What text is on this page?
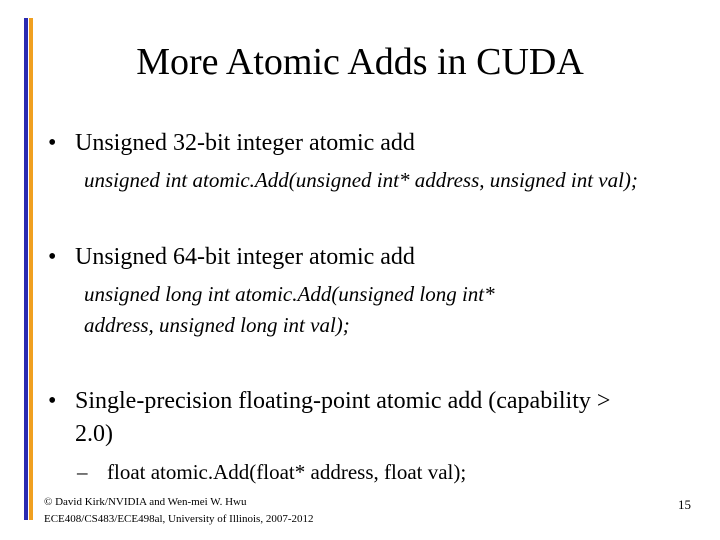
More Atomic Adds in CUDA
• Unsigned 32-bit integer atomic add
unsigned int atomic.Add(unsigned int* address, unsigned int val);
• Unsigned 64-bit integer atomic add
unsigned long int atomic.Add(unsigned long int*
address, unsigned long int val);
• Single-precision floating-point atomic add (capability >
2.0)
– float atomic.Add(float* address, float val);
© David Kirk/NVIDIA and Wen-mei W. Hwu
ECE408/CS483/ECE498al, University of Illinois, 2007-2012
15
